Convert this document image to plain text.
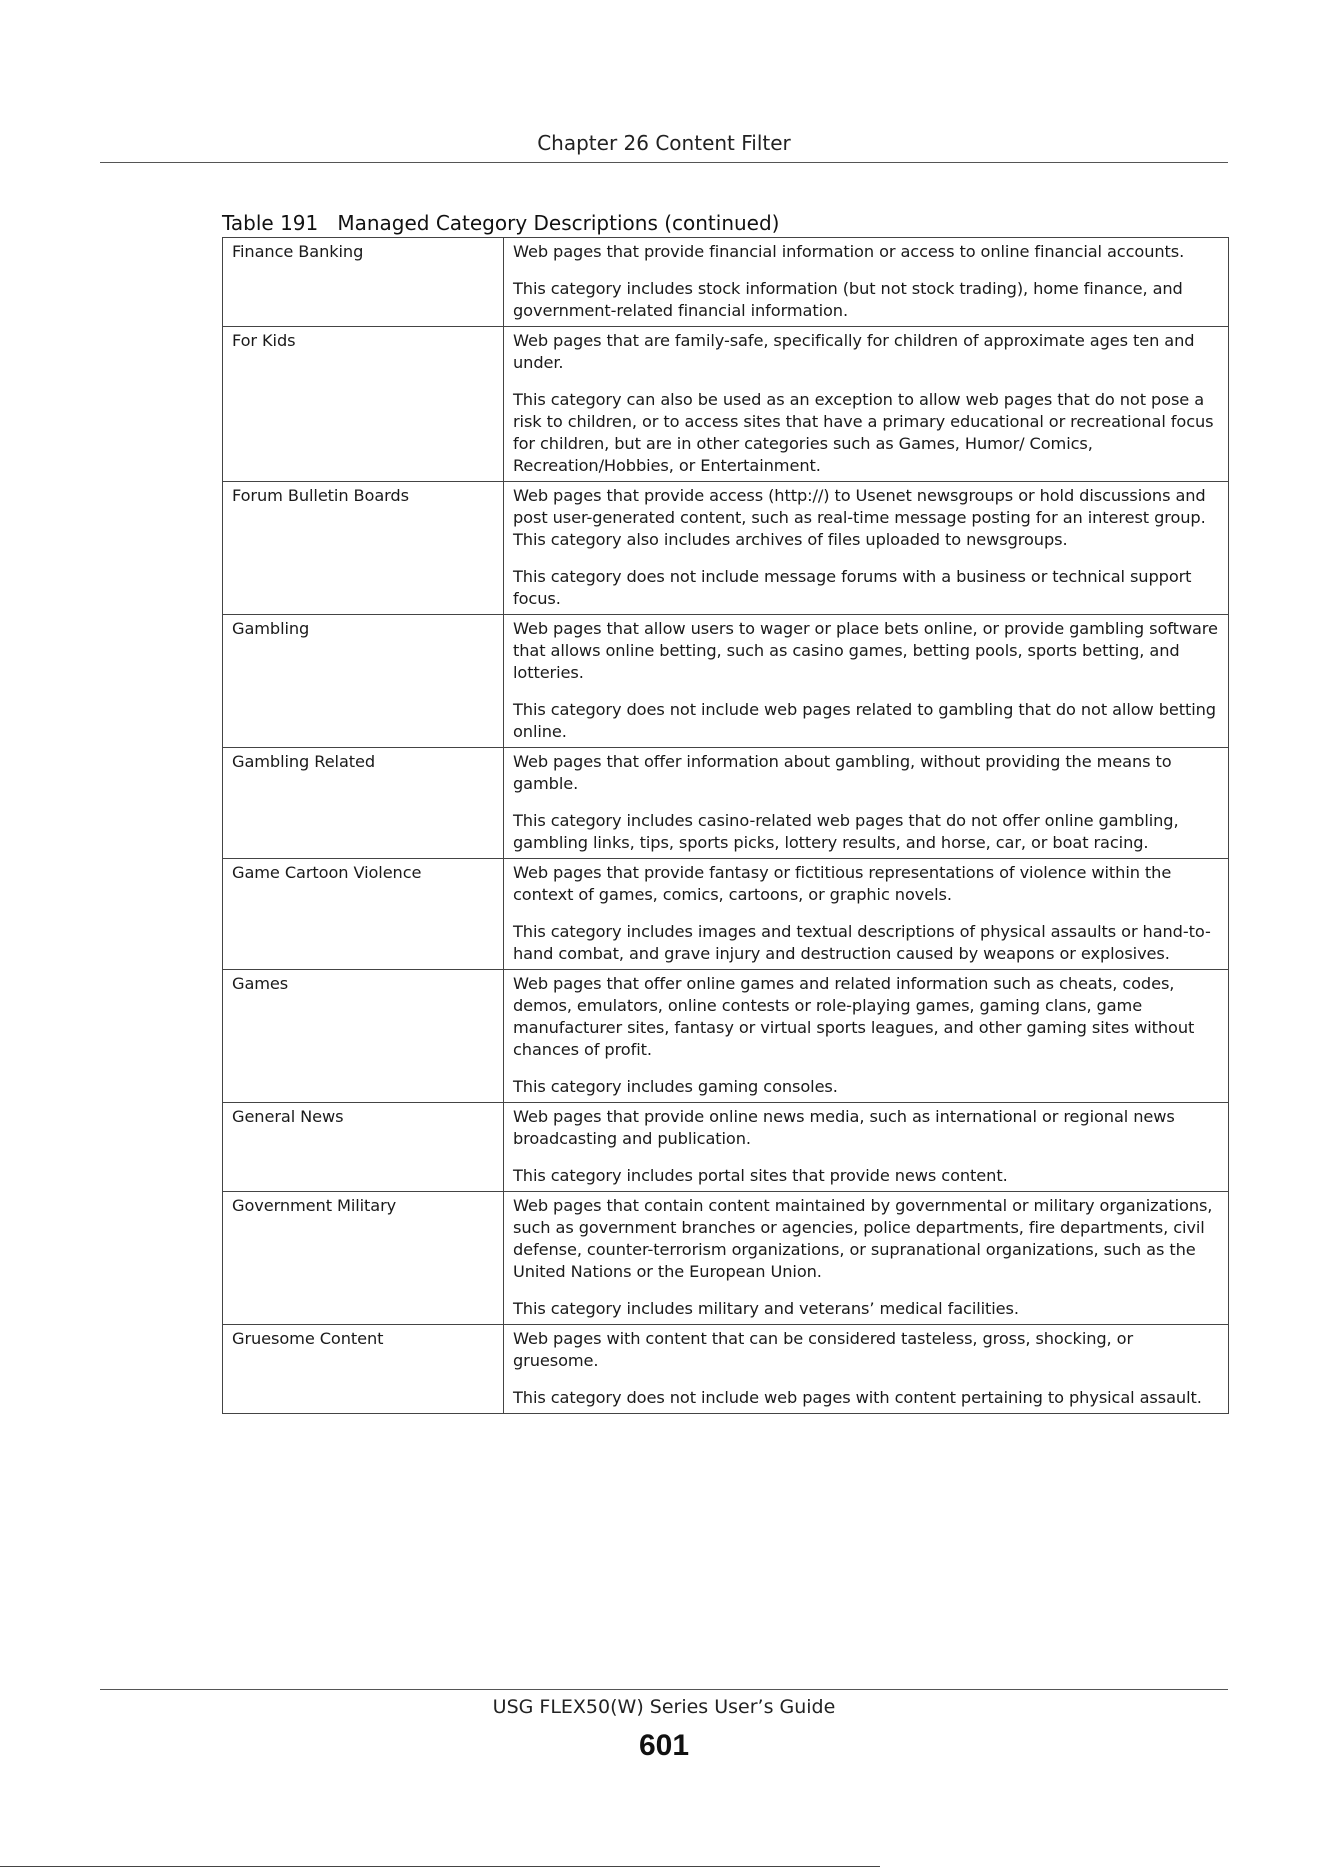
Chapter 26 Content Filter
Table 191   Managed Category Descriptions (continued)
Finance Banking	Web pages that provide financial information or access to online financial accounts.

This category includes stock information (but not stock trading), home finance, and government-related financial information.

For Kids	Web pages that are family-safe, specifically for children of approximate ages ten and under.

This category can also be used as an exception to allow web pages that do not pose a risk to children, or to access sites that have a primary educational or recreational focus for children, but are in other categories such as Games, Humor/ Comics, Recreation/Hobbies, or Entertainment.

Forum Bulletin Boards	Web pages that provide access (http://) to Usenet newsgroups or hold discussions and post user-generated content, such as real-time message posting for an interest group. This category also includes archives of files uploaded to newsgroups.

This category does not include message forums with a business or technical support focus.

Gambling	Web pages that allow users to wager or place bets online, or provide gambling software that allows online betting, such as casino games, betting pools, sports betting, and lotteries.

This category does not include web pages related to gambling that do not allow betting online.

Gambling Related	Web pages that offer information about gambling, without providing the means to gamble.

This category includes casino-related web pages that do not offer online gambling, gambling links, tips, sports picks, lottery results, and horse, car, or boat racing.

Game Cartoon Violence	Web pages that provide fantasy or fictitious representations of violence within the context of games, comics, cartoons, or graphic novels.

This category includes images and textual descriptions of physical assaults or hand-to-hand combat, and grave injury and destruction caused by weapons or explosives.

Games	Web pages that offer online games and related information such as cheats, codes, demos, emulators, online contests or role-playing games, gaming clans, game manufacturer sites, fantasy or virtual sports leagues, and other gaming sites without chances of profit.

This category includes gaming consoles.

General News	Web pages that provide online news media, such as international or regional news broadcasting and publication.

This category includes portal sites that provide news content.

Government Military	Web pages that contain content maintained by governmental or military organizations, such as government branches or agencies, police departments, fire departments, civil defense, counter-terrorism organizations, or supranational organizations, such as the United Nations or the European Union.

This category includes military and veterans’ medical facilities.

Gruesome Content	Web pages with content that can be considered tasteless, gross, shocking, or gruesome.

This category does not include web pages with content pertaining to physical assault.

USG FLEX50(W) Series User’s Guide
601
